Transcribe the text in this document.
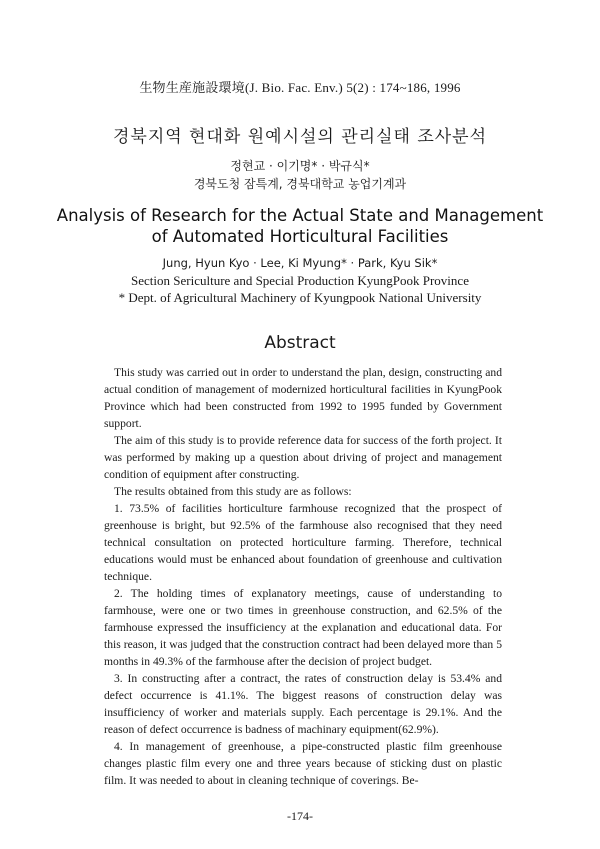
生物生産施設環境(J. Bio. Fac. Env.) 5(2) : 174~186, 1996
경북지역 현대화 원예시설의 관리실태 조사분석
정현교 · 이기명* · 박규식*
경북도청 잠특계, 경북대학교 농업기계과
Analysis of Research for the Actual State and Management
of Automated Horticultural Facilities
Jung, Hyun Kyo · Lee, Ki Myung* · Park, Kyu Sik*
Section Sericulture and Special Production KyungPook Province
* Dept. of Agricultural Machinery of Kyungpook National University
Abstract

This study was carried out in order to understand the plan, design, constructing and actual condition of management of modernized horticultural facilities in KyungPook Province which had been constructed from 1992 to 1995 funded by Government support.

The aim of this study is to provide reference data for success of the forth project. It was performed by making up a question about driving of project and management condition of equipment after constructing.

The results obtained from this study are as follows:

1. 73.5% of facilities horticulture farmhouse recognized that the prospect of greenhouse is bright, but 92.5% of the farmhouse also recognised that they need technical consultation on protected horticulture farming. Therefore, technical educations would must be enhanced about foundation of greenhouse and cultivation technique.

2. The holding times of explanatory meetings, cause of understanding to farmhouse, were one or two times in greenhouse construction, and 62.5% of the farmhouse expressed the insufficiency at the explanation and educational data. For this reason, it was judged that the construction contract had been delayed more than 5 months in 49.3% of the farmhouse after the decision of project budget.

3. In constructing after a contract, the rates of construction delay is 53.4% and defect occurrence is 41.1%. The biggest reasons of construction delay was insufficiency of worker and materials supply. Each percentage is 29.1%. And the reason of defect occurrence is badness of machinary equipment(62.9%).

4. In management of greenhouse, a pipe-constructed plastic film greenhouse changes plastic film every one and three years because of sticking dust on plastic film. It was needed to about in cleaning technique of coverings. Be-

-174-
